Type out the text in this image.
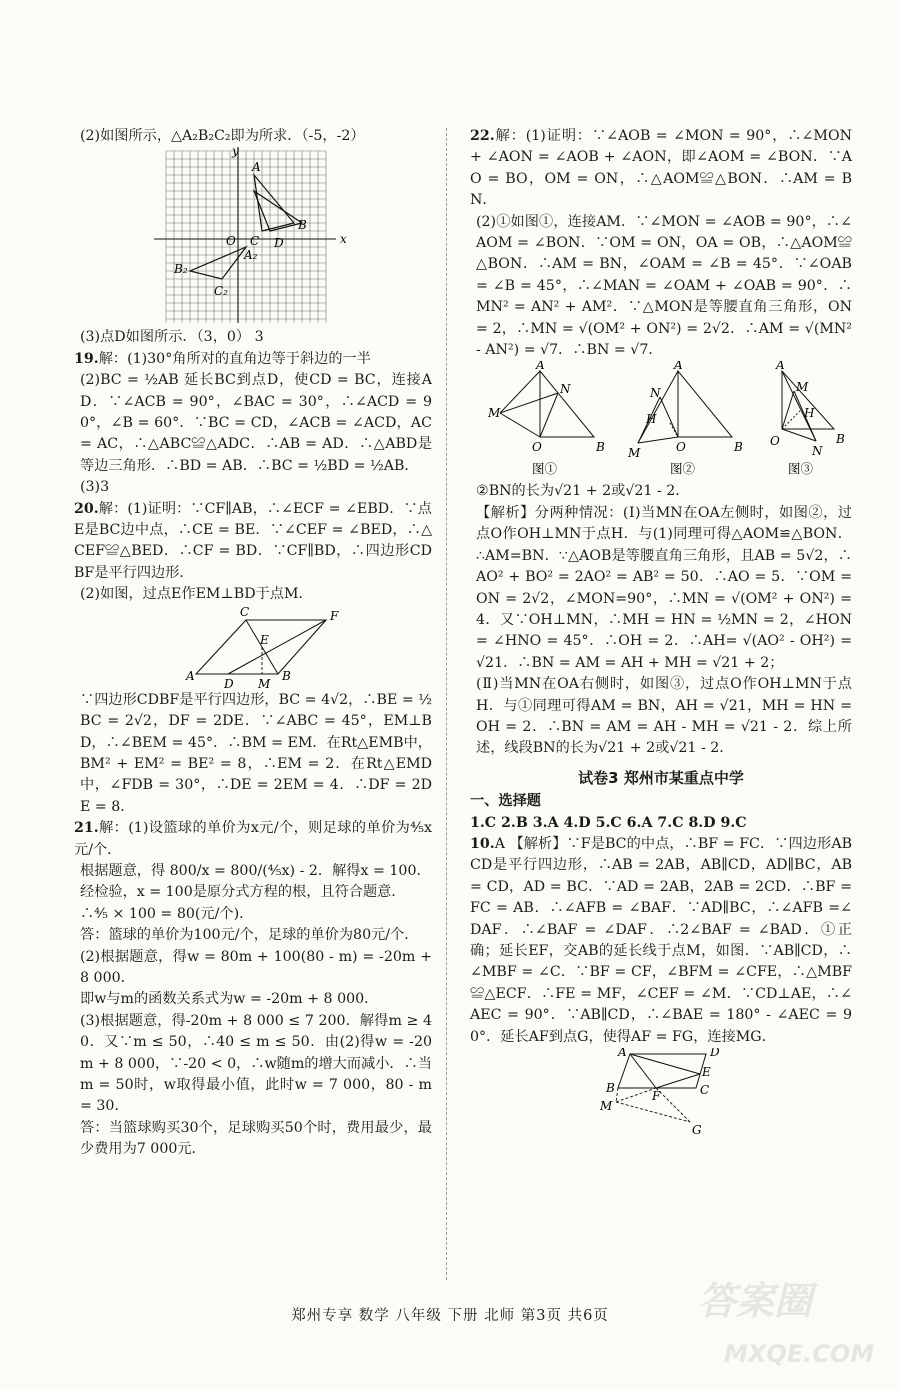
(2)如图所示，△A₂B₂C₂即为所求．（-5，-2）
x
y
O
A
B
C D
B₂
A₂
C₂
(3)点D如图所示．（3，0） 3
19.解：(1)30°角所对的直角边等于斜边的一半
(2)BC = ½AB 延长BC到点D，使CD = BC，连接AD．∵∠ACB = 90°，∠BAC = 30°，∴∠ACD = 90°，∠B = 60°．∵BC = CD，∠ACB = ∠ACD，AC = AC，∴△ABC≌△ADC．∴AB = AD．∴△ABD是等边三角形．∴BD = AB．∴BC = ½BD = ½AB．
(3)3
20.解：(1)证明：∵CF∥AB，∴∠ECF = ∠EBD．∵点E是BC边中点，∴CE = BE．∵∠CEF = ∠BED，∴△CEF≌△BED．∴CF = BD．∵CF∥BD，∴四边形CDBF是平行四边形．
(2)如图，过点E作EM⊥BD于点M．
A
C	F
E
D M
B
∵四边形CDBF是平行四边形，BC = 4√2，∴BE = ½BC = 2√2，DF = 2DE．∵∠ABC = 45°，EM⊥BD，∴∠BEM = 45°．∴BM = EM．在Rt△EMB中，BM² + EM² = BE² = 8，∴EM = 2．在Rt△EMD中，∠FDB = 30°，∴DE = 2EM = 4．∴DF = 2DE = 8．
21.解：(1)设篮球的单价为x元/个，则足球的单价为⁴⁄₅x元/个．
根据题意，得 800/x = 800/(⁴⁄₅x) - 2．解得x = 100．
经检验，x = 100是原分式方程的根，且符合题意．
∴⁴⁄₅ × 100 = 80(元/个)．
答：篮球的单价为100元/个，足球的单价为80元/个．
(2)根据题意，得w = 80m + 100(80 - m) = -20m + 8 000．
即w与m的函数关系式为w = -20m + 8 000．
(3)根据题意，得-20m + 8 000 ≤ 7 200．解得m ≥ 40．又∵m ≤ 50，∴40 ≤ m ≤ 50．由(2)得w = -20m + 8 000，∵-20 < 0，∴w随m的增大而减小．∴当m = 50时，w取得最小值，此时w = 7 000，80 - m = 30．
答：当篮球购买30个，足球购买50个时，费用最少，最少费用为7 000元．
22.解：(1)证明：∵∠AOB = ∠MON = 90°，∴∠MON + ∠AON = ∠AOB + ∠AON，即∠AOM = ∠BON．∵AO = BO，OM = ON，∴△AOM≌△BON．∴AM = BN．
(2)①如图①，连接AM．∵∠MON = ∠AOB = 90°，∴∠AOM = ∠BON．∵OM = ON，OA = OB，∴△AOM≌△BON．∴AM = BN，∠OAM = ∠B = 45°．∵∠OAB = ∠B = 45°，∴∠MAN = ∠OAM + ∠OAB = 90°．∴MN² = AN² + AM²．∵△MON是等腰直角三角形，ON = 2，∴MN = √(OM² + ON²) = 2√2．∴AM = √(MN² - AN²) = √7．∴BN = √7．
A
N
M
O	B
A
N
H
M	O	B
A
M
H
O
N
B
图①	图②	图③
②BN的长为√21 + 2或√21 - 2．
【解析】分两种情况：(Ⅰ)当MN在OA左侧时，如图②，过点O作OH⊥MN于点H．与(1)同理可得△AOM≌△BON．∴AM=BN．∵△AOB是等腰直角三角形，且AB = 5√2，∴AO² + BO² = 2AO² = AB² = 50．∴AO = 5．∵OM = ON = 2√2，∠MON=90°，∴MN = √(OM² + ON²) = 4．又∵OH⊥MN，∴MH = HN = ½MN = 2，∠HON = ∠HNO = 45°．∴OH = 2．∴AH= √(AO² - OH²) = √21．∴BN = AM = AH + MH = √21 + 2；
(Ⅱ)当MN在OA右侧时，如图③，过点O作OH⊥MN于点H．与①同理可得AM = BN，AH = √21，MH = HN = OH = 2．∴BN = AM = AH - MH = √21 - 2．综上所述，线段BN的长为√21 + 2或√21 - 2．
试卷3 郑州市某重点中学
一、选择题
1.C 2.B 3.A 4.D 5.C 6.A 7.C 8.D 9.C
10.A 【解析】∵F是BC的中点，∴BF = FC．∵四边形ABCD是平行四边形，∴AB = 2AB，AB∥CD，AD∥BC，AB = CD，AD = BC．∵AD = 2AB，2AB = 2CD．∴BF = FC = AB．∴∠AFB = ∠BAF．∵AD∥BC，∴∠AFB =∠DAF．∴∠BAF = ∠DAF．∴2∠BAF = ∠BAD．①正确；延长EF，交AB的延长线于点M，如图．∵AB∥CD，∴∠MBF = ∠C．∵BF = CF，∠BFM = ∠CFE，∴△MBF≌△ECF．∴FE = MF，∠CEF = ∠M．∵CD⊥AE，∴∠AEC = 90°．∵AB∥CD，∴∠BAE = 180° - ∠AEC = 90°．延长AF到点G，使得AF = FG，连接MG．
A	D
E
C
B
F
M
G
郑州专享 数学 八年级 下册 北师 第3页 共6页	答案圈
MXQE.COM
